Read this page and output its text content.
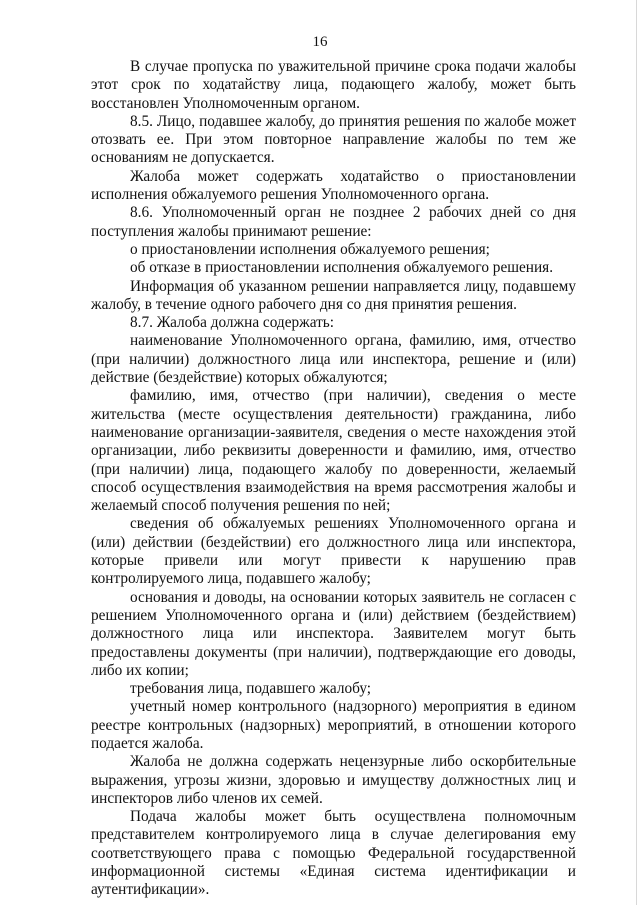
16

В случае пропуска по уважительной причине срока подачи жалобы этот срок по ходатайству лица, подающего жалобу, может быть восстановлен Уполномоченным органом.

8.5. Лицо, подавшее жалобу, до принятия решения по жалобе может отозвать ее. При этом повторное направление жалобы по тем же основаниям не допускается.

Жалоба может содержать ходатайство о приостановлении исполнения обжалуемого решения Уполномоченного органа.

8.6. Уполномоченный орган не позднее 2 рабочих дней со дня поступления жалобы принимают решение:

о приостановлении исполнения обжалуемого решения;

об отказе в приостановлении исполнения обжалуемого решения.

Информация об указанном решении направляется лицу, подавшему жалобу, в течение одного рабочего дня со дня принятия решения.

8.7. Жалоба должна содержать:

наименование Уполномоченного органа, фамилию, имя, отчество (при наличии) должностного лица или инспектора, решение и (или) действие (бездействие) которых обжалуются;

фамилию, имя, отчество (при наличии), сведения о месте жительства (месте осуществления деятельности) гражданина, либо наименование организации-заявителя, сведения о месте нахождения этой организации, либо реквизиты доверенности и фамилию, имя, отчество (при наличии) лица, подающего жалобу по доверенности, желаемый способ осуществления взаимодействия на время рассмотрения жалобы и желаемый способ получения решения по ней;

сведения об обжалуемых решениях Уполномоченного органа и (или) действии (бездействии) его должностного лица или инспектора, которые привели или могут привести к нарушению прав контролируемого лица, подавшего жалобу;

основания и доводы, на основании которых заявитель не согласен с решением Уполномоченного органа и (или) действием (бездействием) должностного лица или инспектора. Заявителем могут быть предоставлены документы (при наличии), подтверждающие его доводы, либо их копии;

требования лица, подавшего жалобу;

учетный номер контрольного (надзорного) мероприятия в едином реестре контрольных (надзорных) мероприятий, в отношении которого подается жалоба.

Жалоба не должна содержать нецензурные либо оскорбительные выражения, угрозы жизни, здоровью и имуществу должностных лиц и инспекторов либо членов их семей.

Подача жалобы может быть осуществлена полномочным представителем контролируемого лица в случае делегирования ему соответствующего права с помощью Федеральной государственной информационной системы «Единая система идентификации и аутентификации».
